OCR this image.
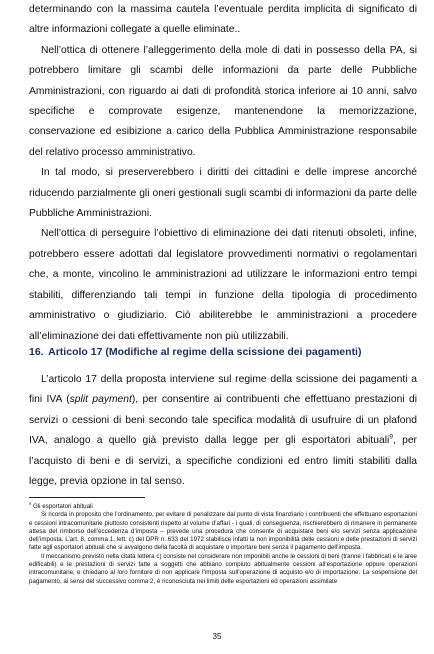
determinando con la massima cautela l’eventuale perdita implicita di significato di altre informazioni collegate a quelle eliminate..

Nell’ottica di ottenere l’alleggerimento della mole di dati in possesso della PA, si potrebbero limitare gli scambi delle informazioni da parte delle Pubbliche Amministrazioni, con riguardo ai dati di profondità storica inferiore ai 10 anni, salvo specifiche e comprovate esigenze, mantenendone la memorizzazione, conservazione ed esibizione a carico della Pubblica Amministrazione responsabile del relativo processo amministrativo.

In tal modo, si preserverebbero i diritti dei cittadini e delle imprese ancorché riducendo parzialmente gli oneri gestionali sugli scambi di informazioni da parte delle Pubbliche Amministrazioni.

Nell’ottica di perseguire l’obiettivo di eliminazione dei dati ritenuti obsoleti, infine, potrebbero essere adottati dal legislatore provvedimenti normativi o regolamentari che, a monte, vincolino le amministrazioni ad utilizzare le informazioni entro tempi stabiliti, differenziando tali tempi in funzione della tipologia di procedimento amministrativo o giudiziario. Ciò abiliterebbe le amministrazioni a procedere all’eliminazione dei dati effettivamente non più utilizzabili.

16. Articolo 17 (Modifiche al regime della scissione dei pagamenti)

L’articolo 17 della proposta interviene sul regime della scissione dei pagamenti a fini IVA (split payment), per consentire ai contribuenti che effettuano prestazioni di servizi o cessioni di beni secondo tale specifica modalità di usufruire di un plafond IVA, analogo a quello già previsto dalla legge per gli esportatori abituali$^9$, per l’acquisto di beni e di servizi, a specifiche condizioni ed entro limiti stabiliti dalla legge, previa opzione in tal senso.

$^9$ Gli esportatori abituali

Si ricorda in proposito che l’ordinamento, per evitare di penalizzare dal punto di vista finanziario i contribuenti che effettuano esportazioni e cessioni intracomunitarie piuttosto consistenti rispetto al volume d’affari - i quali, di conseguenza, rischierebbero di rimanere in permanente attesa del rimborso dell’eccedenza d’imposta – prevede una procedura che consente di acquistare beni e/o servizi senza applicazione dell’imposta. L’art. 8, comma 1, lett. c) del DPR n. 633 del 1972 stabilisce infatti la non imponibilità delle cessioni e delle prestazioni di servizi fatte agli esportatori abituali che si avvalgono della facoltà di acquistare o importare beni senza il pagamento dell’imposta.

Il meccanismo previsto nella citata lettera c) consiste nel considerare non imponibili anche le cessioni di beni (tranne i fabbricati e le aree edificabili) e le prestazioni di servizi fatte a soggetti che abbiano compiuto abitualmente cessioni all’esportazione oppure operazioni intracomunitarie, e chiedano al loro fornitore di non applicare l’imposta sull’operazione di acquisto e/o di importazione. La sospensione del pagamento, ai sensi del successivo comma 2, è riconosciuta nei limiti delle esportazioni ed operazioni assimilate

35
